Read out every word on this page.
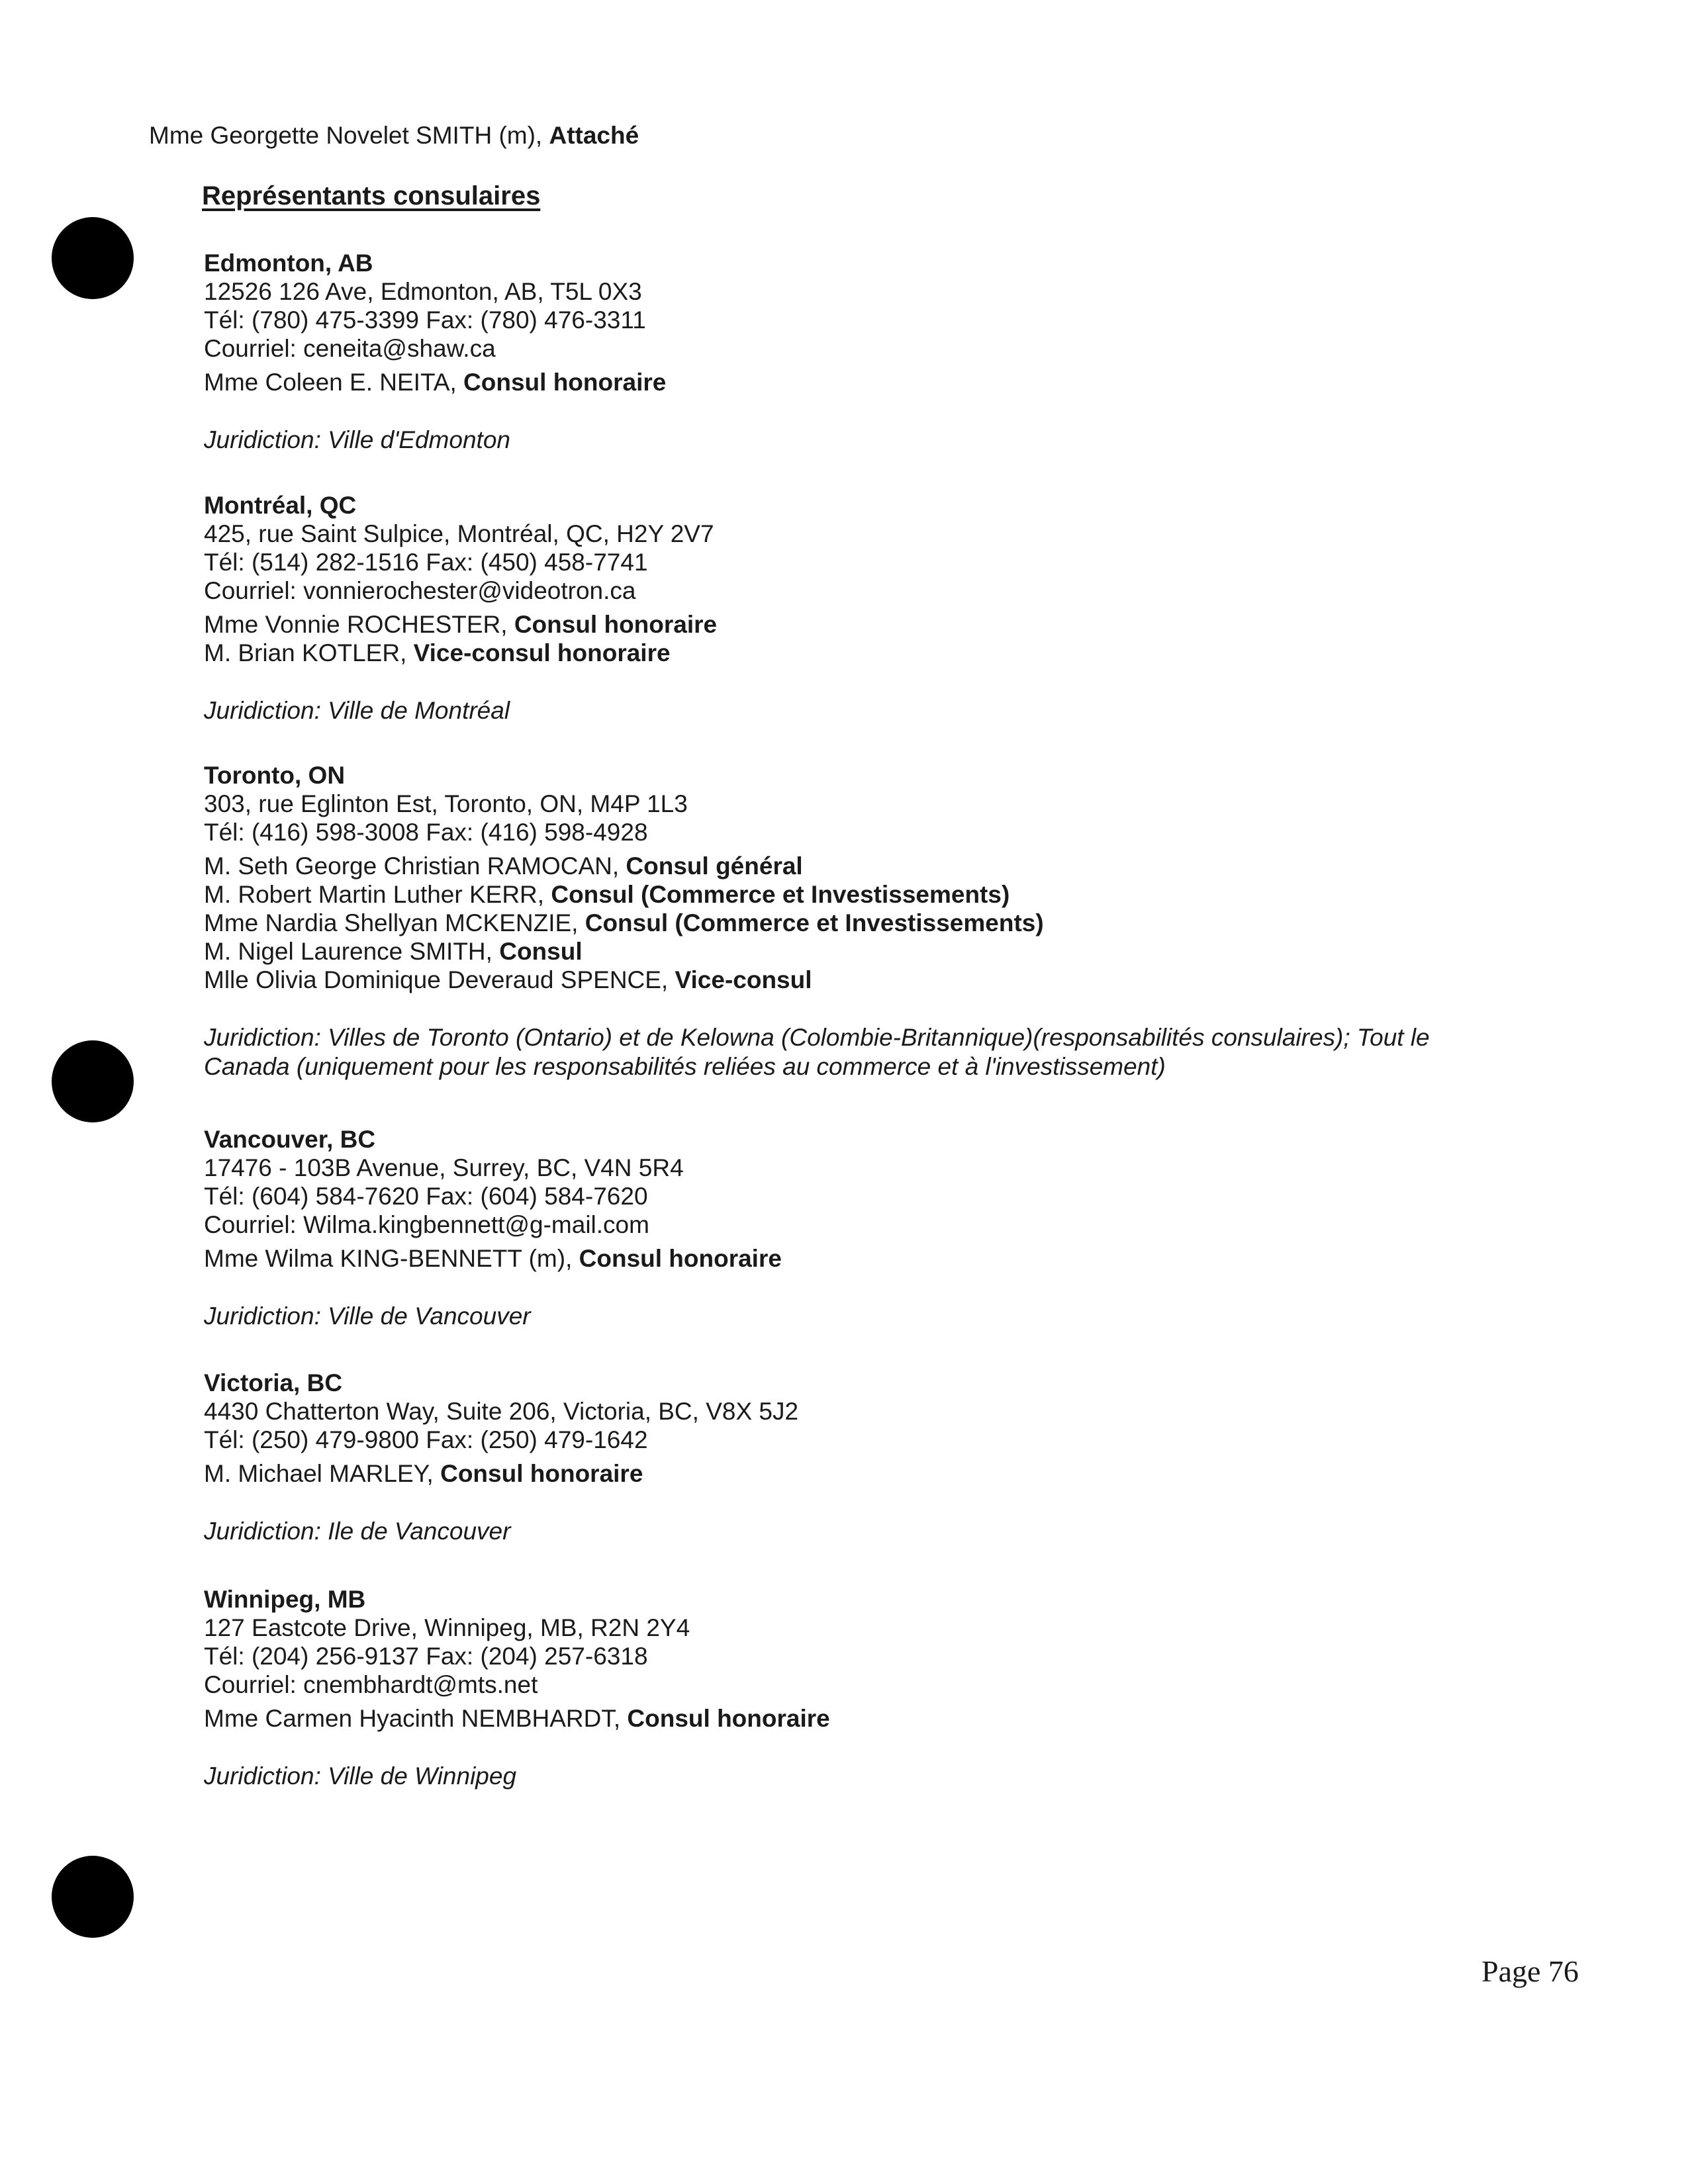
Mme Georgette Novelet SMITH (m), Attaché
Représentants consulaires
Edmonton, AB
12526 126 Ave, Edmonton, AB, T5L 0X3
Tél: (780) 475-3399 Fax: (780) 476-3311
Courriel: ceneita@shaw.ca
Mme Coleen E. NEITA, Consul honoraire
Juridiction: Ville d'Edmonton
Montréal, QC
425, rue Saint Sulpice, Montréal, QC, H2Y 2V7
Tél: (514) 282-1516 Fax: (450) 458-7741
Courriel: vonnierochester@videotron.ca
Mme Vonnie ROCHESTER, Consul honoraire
M. Brian KOTLER, Vice-consul honoraire
Juridiction: Ville de Montréal
Toronto, ON
303, rue Eglinton Est, Toronto, ON, M4P 1L3
Tél: (416) 598-3008 Fax: (416) 598-4928
M. Seth George Christian RAMOCAN, Consul général
M. Robert Martin Luther KERR, Consul (Commerce et Investissements)
Mme Nardia Shellyan MCKENZIE, Consul (Commerce et Investissements)
M. Nigel Laurence SMITH, Consul
Mlle Olivia Dominique Deveraud SPENCE, Vice-consul
Juridiction: Villes de Toronto (Ontario) et de Kelowna (Colombie-Britannique)(responsabilités consulaires); Tout le Canada (uniquement pour les responsabilités reliées au commerce et à l'investissement)
Vancouver, BC
17476 - 103B Avenue, Surrey, BC, V4N 5R4
Tél: (604) 584-7620 Fax: (604) 584-7620
Courriel: Wilma.kingbennett@g-mail.com
Mme Wilma KING-BENNETT (m), Consul honoraire
Juridiction: Ville de Vancouver
Victoria, BC
4430 Chatterton Way, Suite 206, Victoria, BC, V8X 5J2
Tél: (250) 479-9800 Fax: (250) 479-1642
M. Michael MARLEY, Consul honoraire
Juridiction: Ile de Vancouver
Winnipeg, MB
127 Eastcote Drive, Winnipeg, MB, R2N 2Y4
Tél: (204) 256-9137 Fax: (204) 257-6318
Courriel: cnembhardt@mts.net
Mme Carmen Hyacinth NEMBHARDT, Consul honoraire
Juridiction: Ville de Winnipeg
Page 76
